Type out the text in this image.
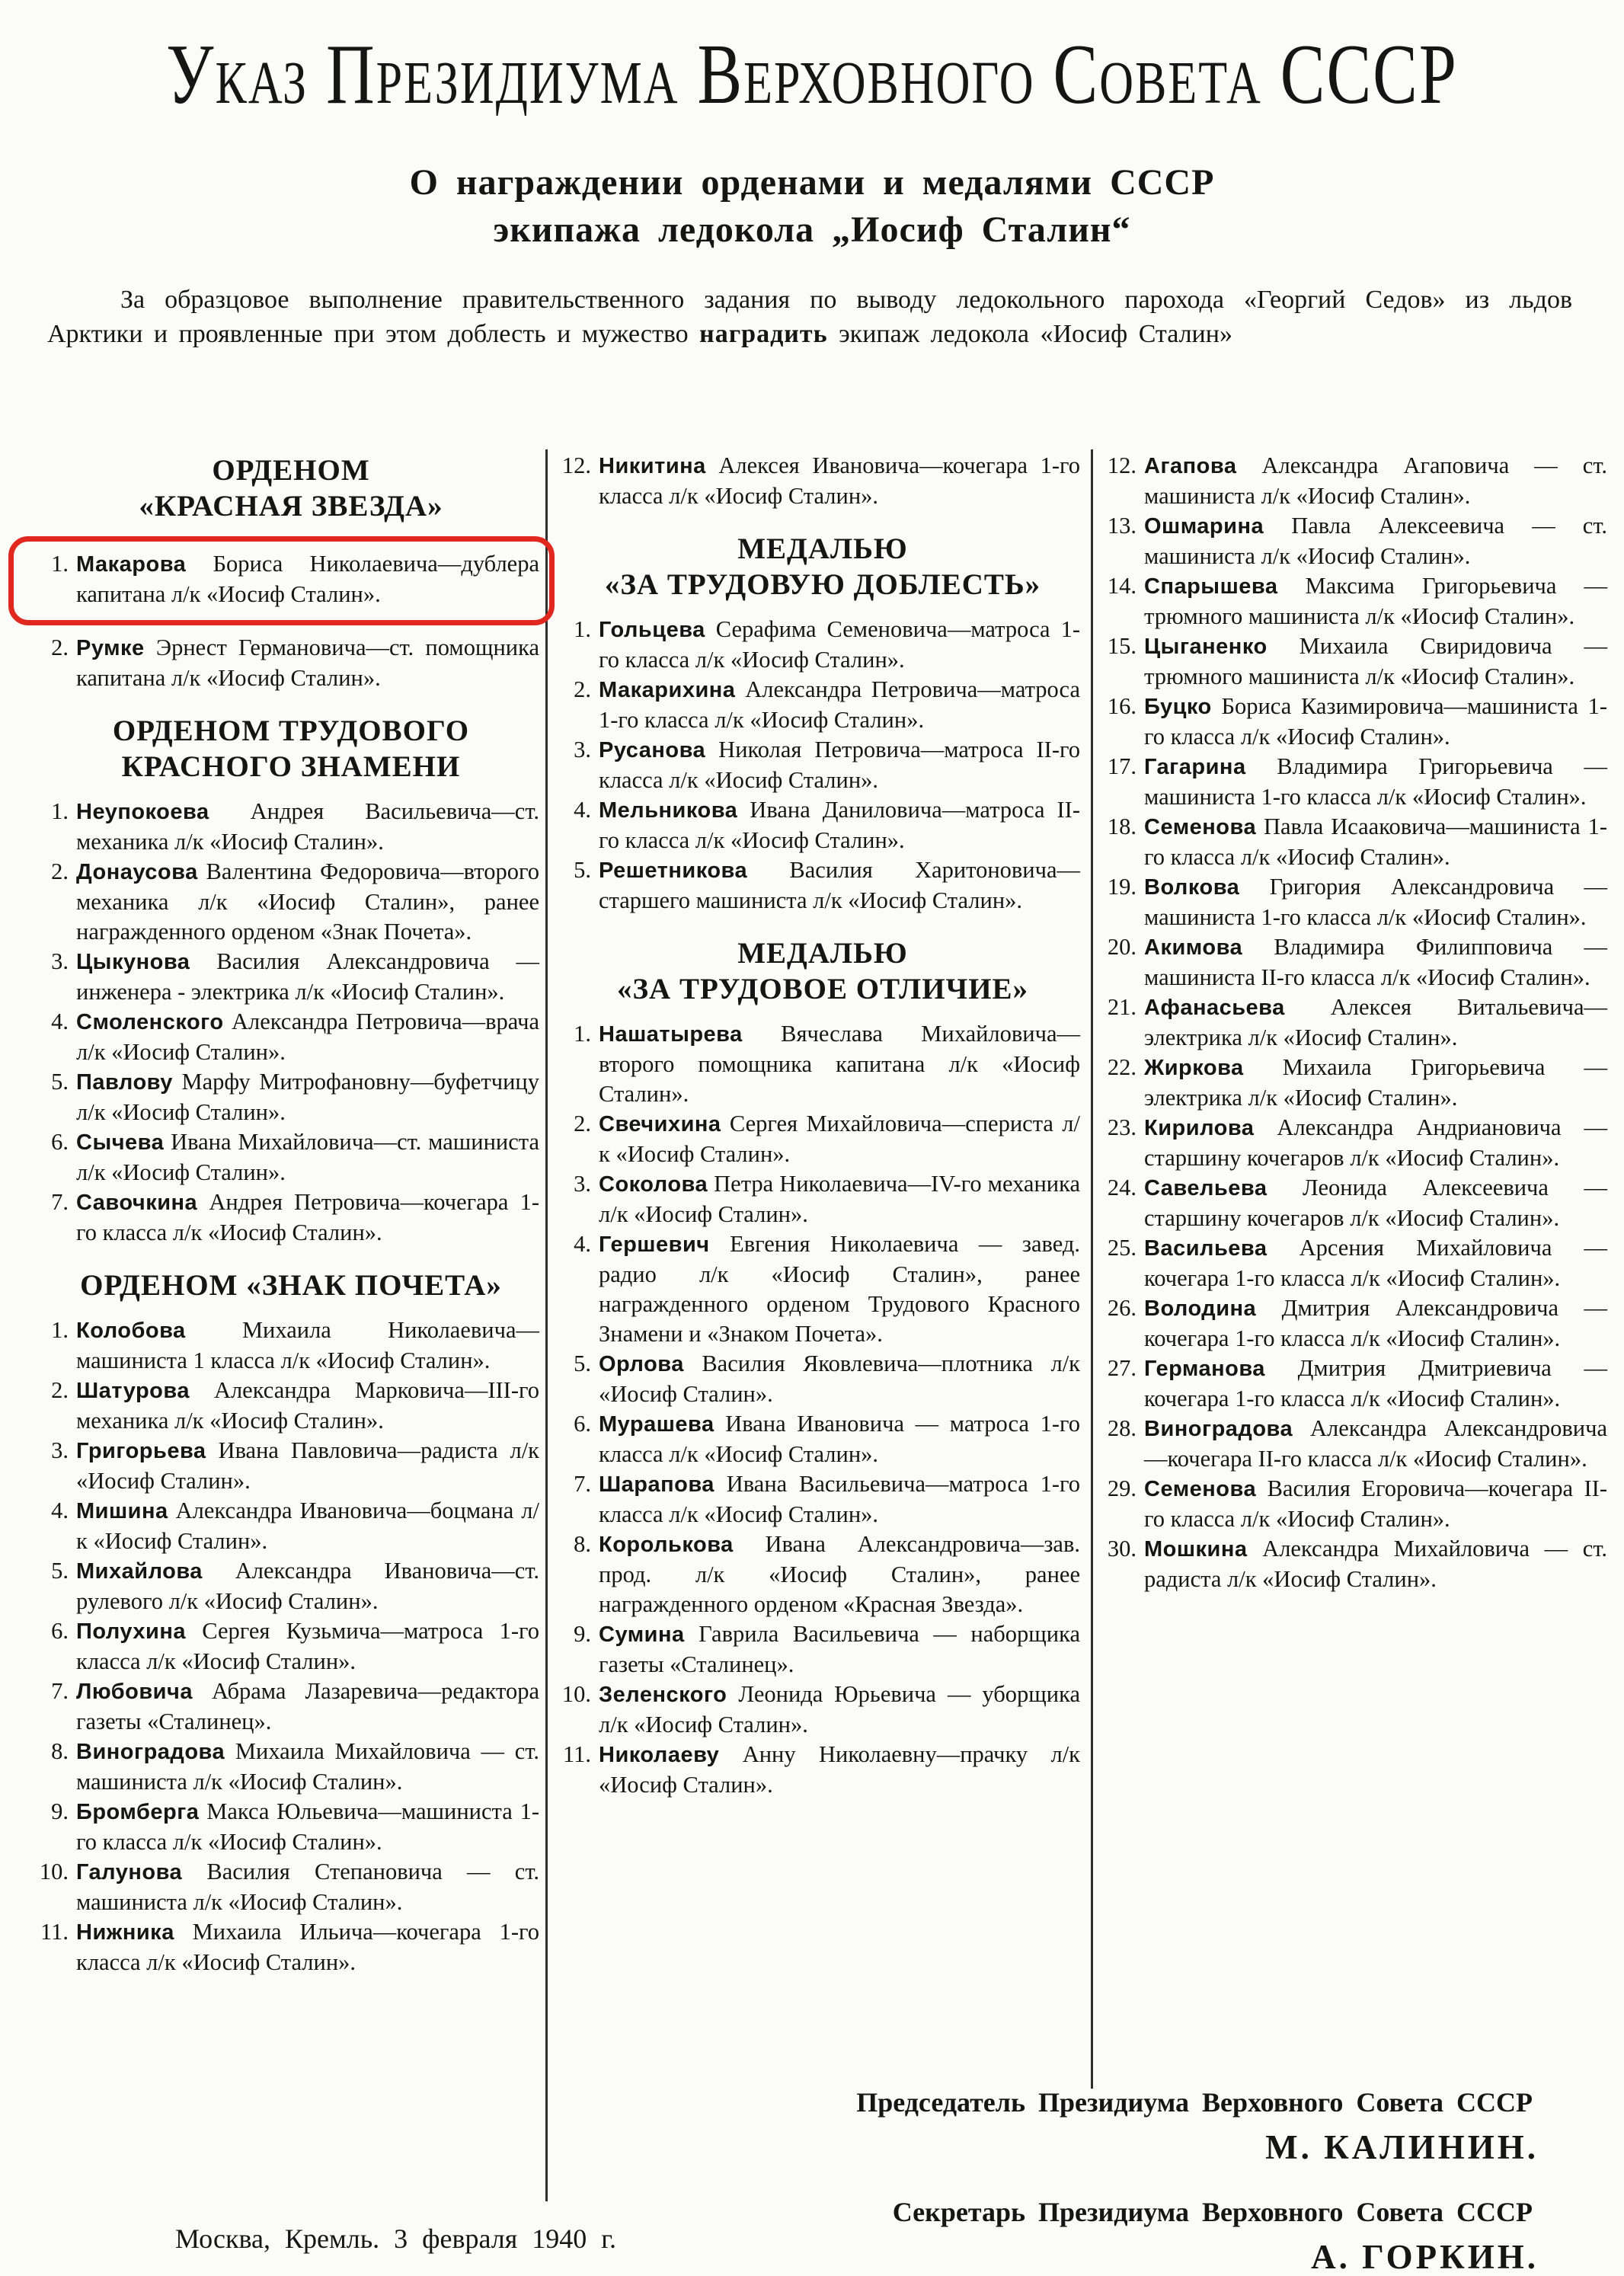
Указ Президиума Верховного Совета СССР
О награждении орденами и медалями СССР
экипажа ледокола „Иосиф Сталин“
За образцовое выполнение правительственного задания по выводу ледокольного парохода «Георгий Седов» из льдов Арктики и проявленные при этом доблесть и мужество наградить экипаж ледокола «Иосиф Сталин»
ОРДЕНОМ
«КРАСНАЯ ЗВЕЗДА»
1. Макарова Бориса Николаевича—дублера капитана л/к «Иосиф Сталин».
2. Румке Эрнест Германовича—ст. помощника капитана л/к «Иосиф Сталин».
ОРДЕНОМ ТРУДОВОГО
КРАСНОГО ЗНАМЕНИ
1. Неупокоева Андрея Васильевича—ст. механика л/к «Иосиф Сталин».
2. Донаусова Валентина Федоровича—второго механика л/к «Иосиф Сталин», ранее награжденного орденом «Знак Почета».
3. Цыкунова Василия Александровича — инженера - электрика л/к «Иосиф Сталин».
4. Смоленского Александра Петровича—врача л/к «Иосиф Сталин».
5. Павлову Марфу Митрофановну—буфетчицу л/к «Иосиф Сталин».
6. Сычева Ивана Михайловича—ст. машиниста л/к «Иосиф Сталин».
7. Савочкина Андрея Петровича—кочегара 1-го класса л/к «Иосиф Сталин».
ОРДЕНОМ «ЗНАК ПОЧЕТА»
1. Колобова Михаила Николаевича—машиниста 1 класса л/к «Иосиф Сталин».
2. Шатурова Александра Марковича—III-го механика л/к «Иосиф Сталин».
3. Григорьева Ивана Павловича—радиста л/к «Иосиф Сталин».
4. Мишина Александра Ивановича—боцмана л/к «Иосиф Сталин».
5. Михайлова Александра Ивановича—ст. рулевого л/к «Иосиф Сталин».
6. Полухина Сергея Кузьмича—матроса 1-го класса л/к «Иосиф Сталин».
7. Любовича Абрама Лазаревича—редактора газеты «Сталинец».
8. Виноградова Михаила Михайловича — ст. машиниста л/к «Иосиф Сталин».
9. Бромберга Макса Юльевича—машиниста 1-го класса л/к «Иосиф Сталин».
10. Галунова Василия Степановича — ст. машиниста л/к «Иосиф Сталин».
11. Нижника Михаила Ильича—кочегара 1-го класса л/к «Иосиф Сталин».
12. Никитина Алексея Ивановича—кочегара 1-го класса л/к «Иосиф Сталин».
МЕДАЛЬЮ
«ЗА ТРУДОВУЮ ДОБЛЕСТЬ»
1. Гольцева Серафима Семеновича—матроса 1-го класса л/к «Иосиф Сталин».
2. Макарихина Александра Петровича—матроса 1-го класса л/к «Иосиф Сталин».
3. Русанова Николая Петровича—матроса II-го класса л/к «Иосиф Сталин».
4. Мельникова Ивана Даниловича—матроса II-го класса л/к «Иосиф Сталин».
5. Решетникова Василия Харитоновича—старшего машиниста л/к «Иосиф Сталин».
МЕДАЛЬЮ
«ЗА ТРУДОВОЕ ОТЛИЧИЕ»
1. Нашатырева Вячеслава Михайловича—второго помощника капитана л/к «Иосиф Сталин».
2. Свечихина Сергея Михайловича—спериста л/к «Иосиф Сталин».
3. Соколова Петра Николаевича—IV-го механика л/к «Иосиф Сталин».
4. Гершевич Евгения Николаевича — завед. радио л/к «Иосиф Сталин», ранее награжденного орденом Трудового Красного Знамени и «Знаком Почета».
5. Орлова Василия Яковлевича—плотника л/к «Иосиф Сталин».
6. Мурашева Ивана Ивановича — матроса 1-го класса л/к «Иосиф Сталин».
7. Шарапова Ивана Васильевича—матроса 1-го класса л/к «Иосиф Сталин».
8. Королькова Ивана Александровича—зав. прод. л/к «Иосиф Сталин», ранее награжденного орденом «Красная Звезда».
9. Сумина Гаврила Васильевича — наборщика газеты «Сталинец».
10. Зеленского Леонида Юрьевича — уборщика л/к «Иосиф Сталин».
11. Николаеву Анну Николаевну—прачку л/к «Иосиф Сталин».
12. Агапова Александра Агаповича — ст. машиниста л/к «Иосиф Сталин».
13. Ошмарина Павла Алексеевича — ст. машиниста л/к «Иосиф Сталин».
14. Спарышева Максима Григорьевича — трюмного машиниста л/к «Иосиф Сталин».
15. Цыганенко Михаила Свиридовича — трюмного машиниста л/к «Иосиф Сталин».
16. Буцко Бориса Казимировича—машиниста 1-го класса л/к «Иосиф Сталин».
17. Гагарина Владимира Григорьевича — машиниста 1-го класса л/к «Иосиф Сталин».
18. Семенова Павла Исааковича—машиниста 1-го класса л/к «Иосиф Сталин».
19. Волкова Григория Александровича — машиниста 1-го класса л/к «Иосиф Сталин».
20. Акимова Владимира Филипповича — машиниста II-го класса л/к «Иосиф Сталин».
21. Афанасьева Алексея Витальевича—электрика л/к «Иосиф Сталин».
22. Жиркова Михаила Григорьевича — электрика л/к «Иосиф Сталин».
23. Кирилова Александра Андриановича — старшину кочегаров л/к «Иосиф Сталин».
24. Савельева Леонида Алексеевича — старшину кочегаров л/к «Иосиф Сталин».
25. Васильева Арсения Михайловича — кочегара 1-го класса л/к «Иосиф Сталин».
26. Володина Дмитрия Александровича — кочегара 1-го класса л/к «Иосиф Сталин».
27. Германова Дмитрия Дмитриевича — кочегара 1-го класса л/к «Иосиф Сталин».
28. Виноградова Александра Александровича—кочегара II-го класса л/к «Иосиф Сталин».
29. Семенова Василия Егоровича—кочегара II-го класса л/к «Иосиф Сталин».
30. Мошкина Александра Михайловича — ст. радиста л/к «Иосиф Сталин».
Председатель Президиума Верховного Совета СССР
М. КАЛИНИН.
Секретарь Президиума Верховного Совета СССР
А. ГОРКИН.
Москва, Кремль. 3 февраля 1940 г.
